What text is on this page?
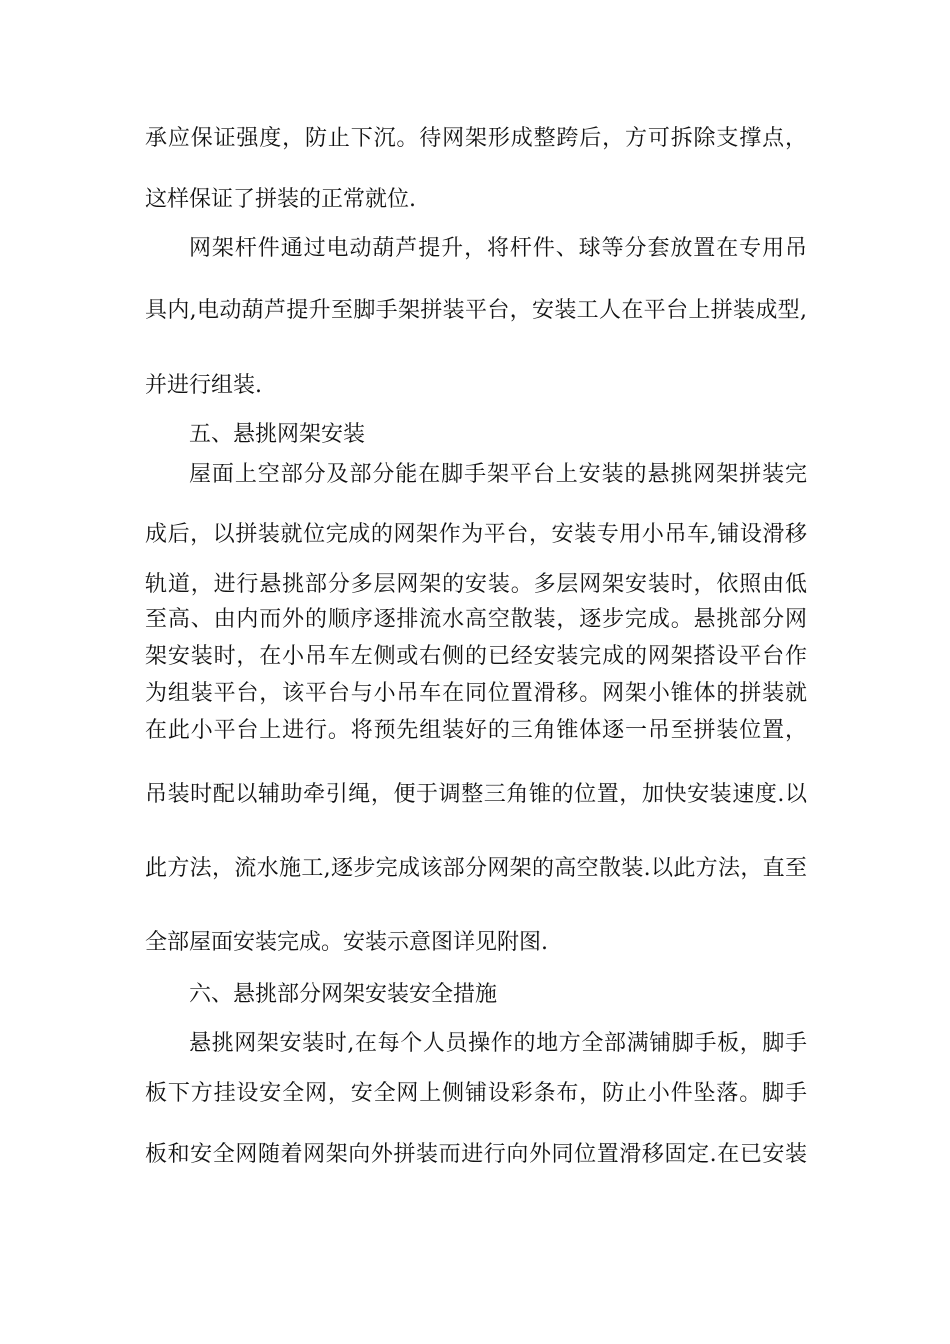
承应保证强度，防止下沉。待网架形成整跨后，方可拆除支撑点，
这样保证了拼装的正常就位.
网架杆件通过电动葫芦提升，将杆件、球等分套放置在专用吊
具内,电动葫芦提升至脚手架拼装平台，安装工人在平台上拼装成型,
并进行组装.
五、悬挑网架安装
屋面上空部分及部分能在脚手架平台上安装的悬挑网架拼装完
成后，以拼装就位完成的网架作为平台，安装专用小吊车,铺设滑移
轨道，进行悬挑部分多层网架的安装。多层网架安装时，依照由低
至高、由内而外的顺序逐排流水高空散装，逐步完成。悬挑部分网
架安装时，在小吊车左侧或右侧的已经安装完成的网架搭设平台作
为组装平台，该平台与小吊车在同位置滑移。网架小锥体的拼装就
在此小平台上进行。将预先组装好的三角锥体逐一吊至拼装位置，
吊装时配以辅助牵引绳，便于调整三角锥的位置，加快安装速度.以
此方法，流水施工,逐步完成该部分网架的高空散装.以此方法，直至
全部屋面安装完成。安装示意图详见附图.
六、悬挑部分网架安装安全措施
悬挑网架安装时,在每个人员操作的地方全部满铺脚手板，脚手
板下方挂设安全网，安全网上侧铺设彩条布，防止小件坠落。脚手
板和安全网随着网架向外拼装而进行向外同位置滑移固定.在已安装
